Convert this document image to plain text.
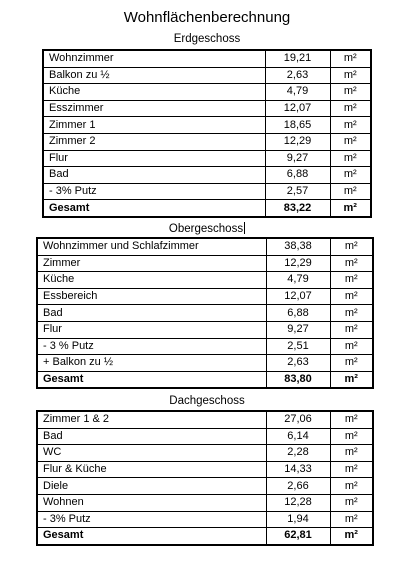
Wohnflächenberechnung
Erdgeschoss
Wohnzimmer	19,21	m²
Balkon zu ½	2,63	m²
Küche	4,79	m²
Esszimmer	12,07	m²
Zimmer 1	18,65	m²
Zimmer 2	12,29	m²
Flur	9,27	m²
Bad	6,88	m²
- 3% Putz	2,57	m²
Gesamt	83,22	m²
Obergeschoss
Wohnzimmer und Schlafzimmer	38,38	m²
Zimmer	12,29	m²
Küche	4,79	m²
Essbereich	12,07	m²
Bad	6,88	m²
Flur	9,27	m²
- 3 % Putz	2,51	m²
+ Balkon zu ½	2,63	m²
Gesamt	83,80	m²
Dachgeschoss
Zimmer 1 & 2	27,06	m²
Bad	6,14	m²
WC	2,28	m²
Flur & Küche	14,33	m²
Diele	2,66	m²
Wohnen	12,28	m²
- 3% Putz	1,94	m²
Gesamt	62,81	m²
